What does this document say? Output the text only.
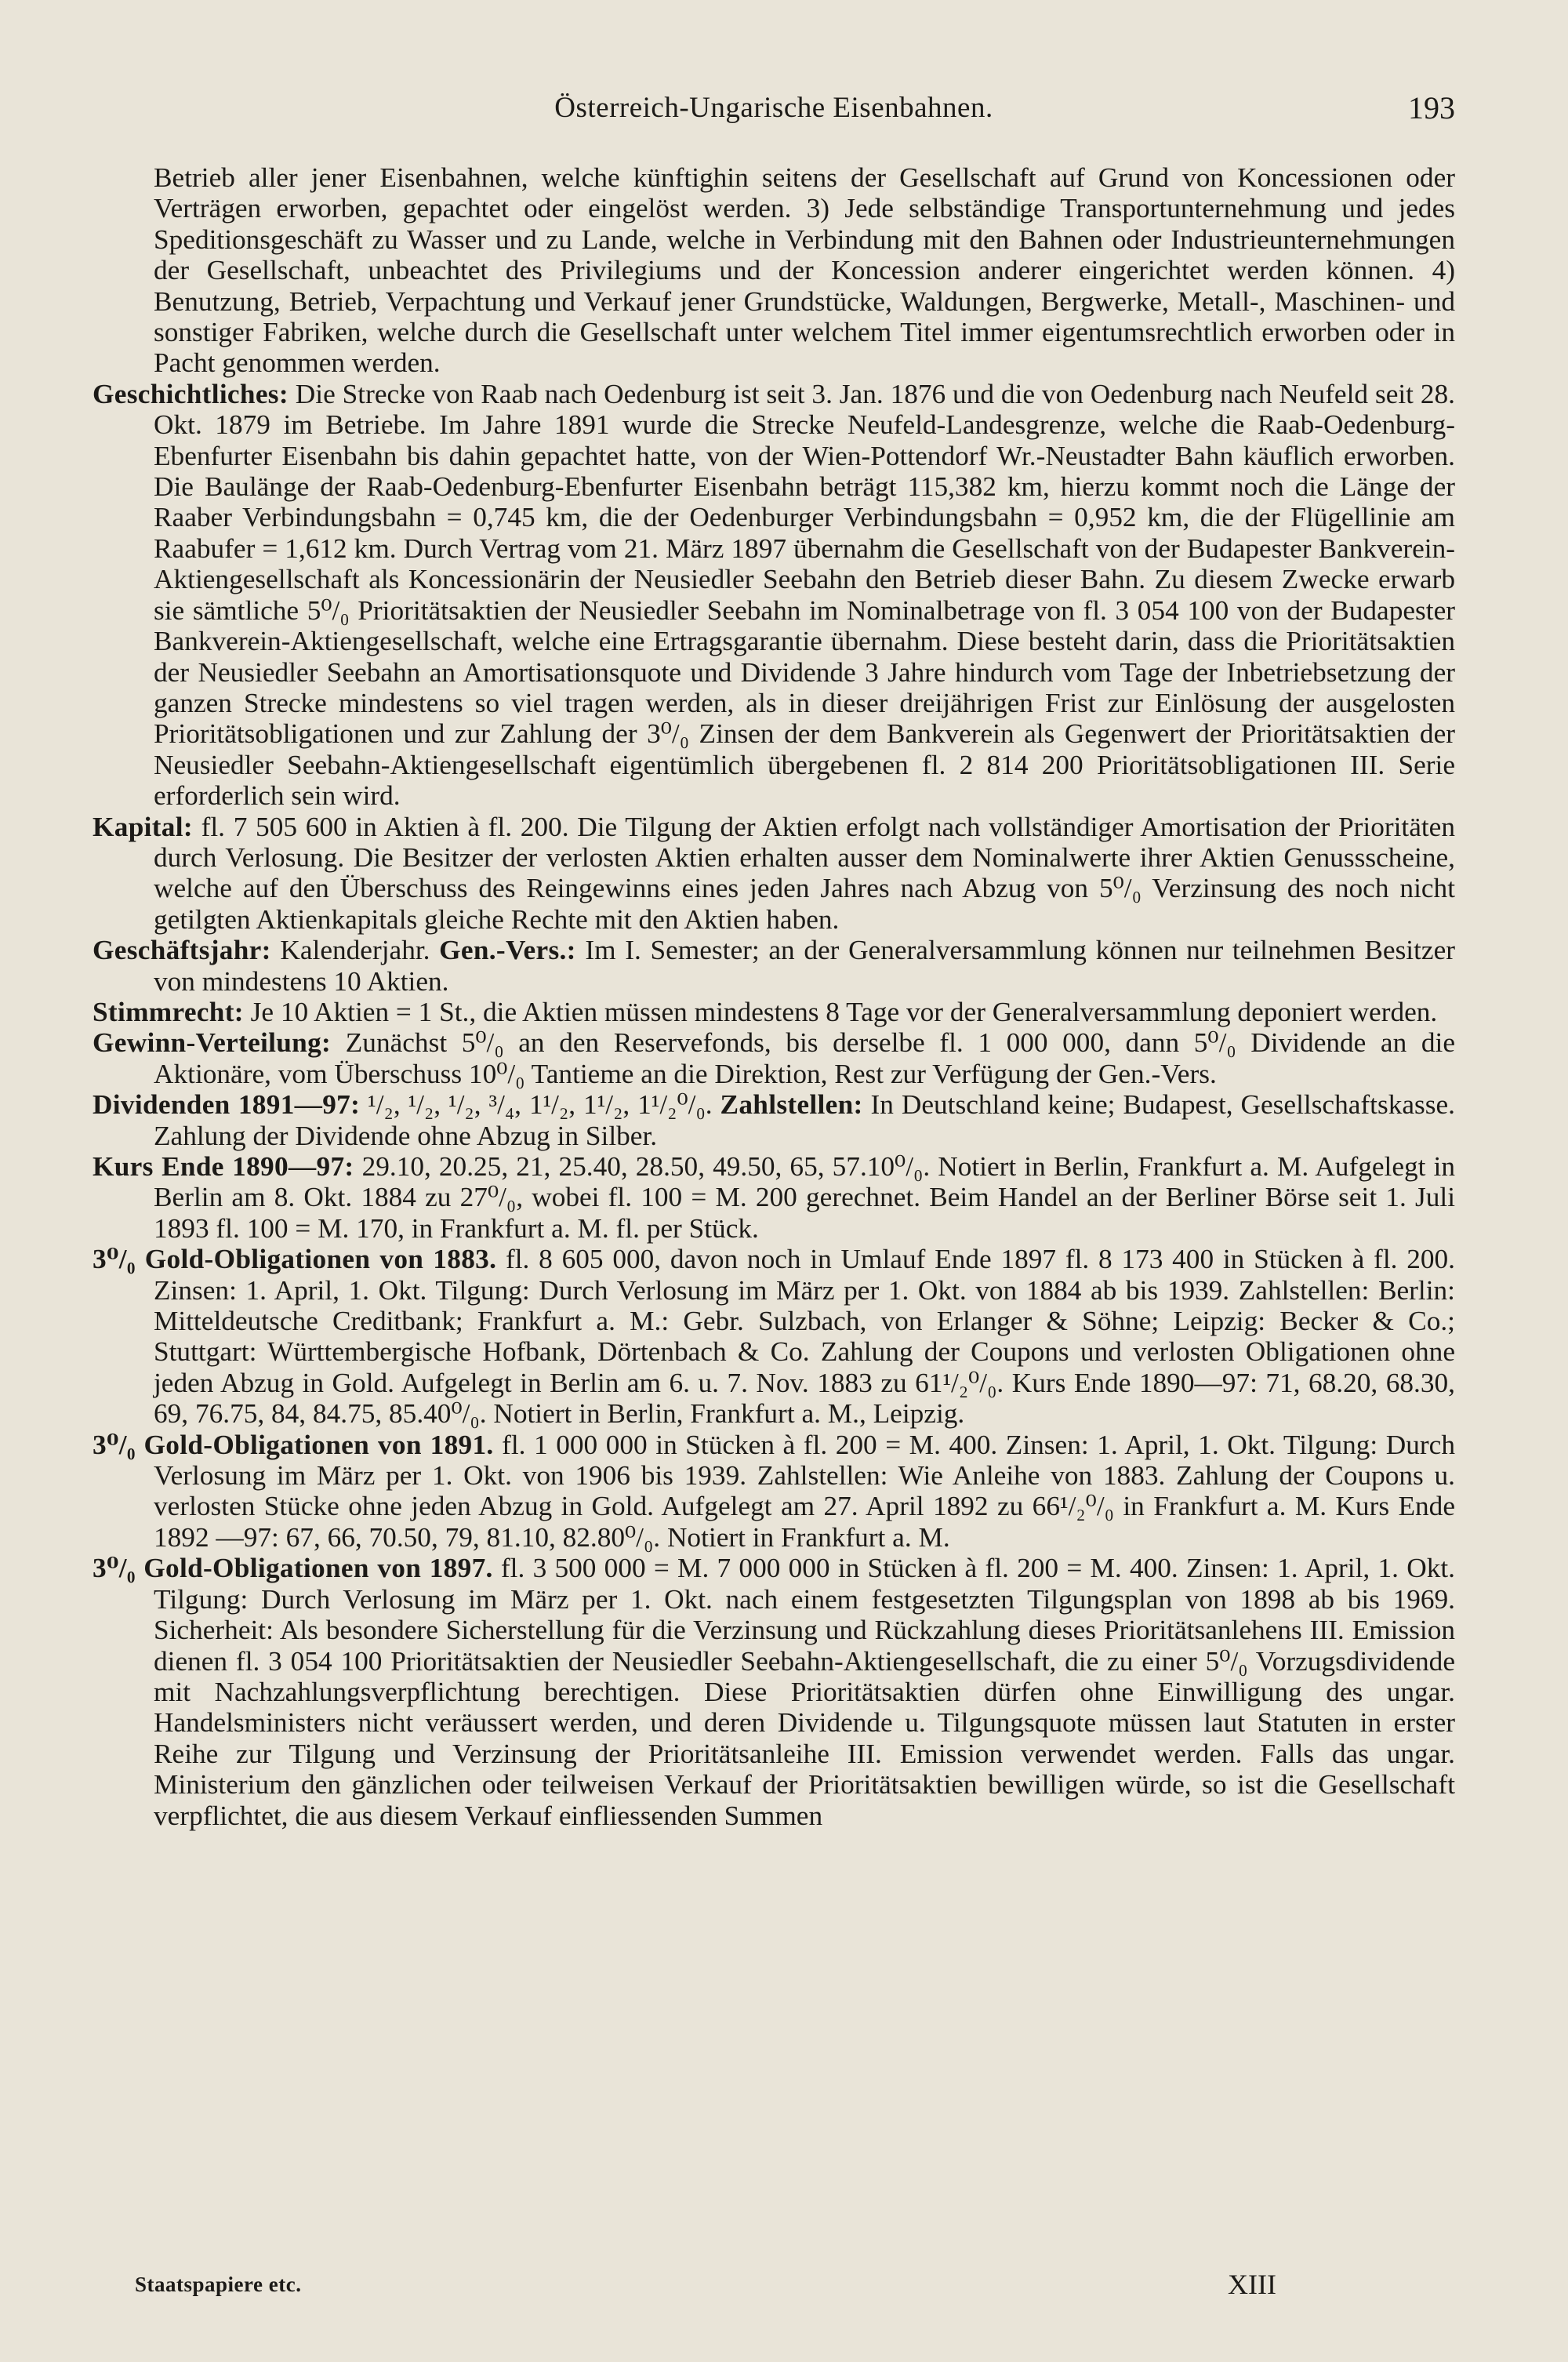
Österreich-Ungarische Eisenbahnen.	193

Betrieb aller jener Eisenbahnen, welche künftighin seitens der Gesellschaft auf Grund von Koncessionen oder Verträgen erworben, gepachtet oder eingelöst werden. 3) Jede selbständige Transportunternehmung und jedes Speditionsgeschäft zu Wasser und zu Lande, welche in Verbindung mit den Bahnen oder Industrieunternehmungen der Gesellschaft, unbeachtet des Privilegiums und der Koncession anderer eingerichtet werden können. 4) Benutzung, Betrieb, Verpachtung und Verkauf jener Grundstücke, Waldungen, Bergwerke, Metall-, Maschinen- und sonstiger Fabriken, welche durch die Gesellschaft unter welchem Titel immer eigentumsrechtlich erworben oder in Pacht genommen werden.

Geschichtliches: Die Strecke von Raab nach Oedenburg ist seit 3. Jan. 1876 und die von Oedenburg nach Neufeld seit 28. Okt. 1879 im Betriebe. Im Jahre 1891 wurde die Strecke Neufeld-Landesgrenze, welche die Raab-Oedenburg-Ebenfurter Eisenbahn bis dahin gepachtet hatte, von der Wien-Pottendorf Wr.-Neustadter Bahn käuflich erworben. Die Baulänge der Raab-Oedenburg-Ebenfurter Eisenbahn beträgt 115,382 km, hierzu kommt noch die Länge der Raaber Verbindungsbahn = 0,745 km, die der Oedenburger Verbindungsbahn = 0,952 km, die der Flügellinie am Raabufer = 1,612 km. Durch Vertrag vom 21. März 1897 übernahm die Gesellschaft von der Budapester Bankverein-Aktiengesellschaft als Koncessionärin der Neusiedler Seebahn den Betrieb dieser Bahn. Zu diesem Zwecke erwarb sie sämtliche 5⁰/₀ Prioritätsaktien der Neusiedler Seebahn im Nominalbetrage von fl. 3 054 100 von der Budapester Bankverein-Aktiengesellschaft, welche eine Ertragsgarantie übernahm. Diese besteht darin, dass die Prioritätsaktien der Neusiedler Seebahn an Amortisationsquote und Dividende 3 Jahre hindurch vom Tage der Inbetriebsetzung der ganzen Strecke mindestens so viel tragen werden, als in dieser dreijährigen Frist zur Einlösung der ausgelosten Prioritätsobligationen und zur Zahlung der 3⁰/₀ Zinsen der dem Bankverein als Gegenwert der Prioritätsaktien der Neusiedler Seebahn-Aktiengesellschaft eigentümlich übergebenen fl. 2 814 200 Prioritätsobligationen III. Serie erforderlich sein wird.

Kapital: fl. 7 505 600 in Aktien à fl. 200. Die Tilgung der Aktien erfolgt nach vollständiger Amortisation der Prioritäten durch Verlosung. Die Besitzer der verlosten Aktien erhalten ausser dem Nominalwerte ihrer Aktien Genussscheine, welche auf den Überschuss des Reingewinns eines jeden Jahres nach Abzug von 5⁰/₀ Verzinsung des noch nicht getilgten Aktienkapitals gleiche Rechte mit den Aktien haben.

Geschäftsjahr: Kalenderjahr. Gen.-Vers.: Im I. Semester; an der Generalversammlung können nur teilnehmen Besitzer von mindestens 10 Aktien.

Stimmrecht: Je 10 Aktien = 1 St., die Aktien müssen mindestens 8 Tage vor der Generalversammlung deponiert werden.

Gewinn-Verteilung: Zunächst 5⁰/₀ an den Reservefonds, bis derselbe fl. 1 000 000, dann 5⁰/₀ Dividende an die Aktionäre, vom Überschuss 10⁰/₀ Tantieme an die Direktion, Rest zur Verfügung der Gen.-Vers.

Dividenden 1891—97: ¹/₂, ¹/₂, ¹/₂, ³/₄, 1¹/₂, 1¹/₂, 1¹/₂⁰/₀. Zahlstellen: In Deutschland keine; Budapest, Gesellschaftskasse. Zahlung der Dividende ohne Abzug in Silber.

Kurs Ende 1890—97: 29.10, 20.25, 21, 25.40, 28.50, 49.50, 65, 57.10⁰/₀. Notiert in Berlin, Frankfurt a. M. Aufgelegt in Berlin am 8. Okt. 1884 zu 27⁰/₀, wobei fl. 100 = M. 200 gerechnet. Beim Handel an der Berliner Börse seit 1. Juli 1893 fl. 100 = M. 170, in Frankfurt a. M. fl. per Stück.

3⁰/₀ Gold-Obligationen von 1883. fl. 8 605 000, davon noch in Umlauf Ende 1897 fl. 8 173 400 in Stücken à fl. 200. Zinsen: 1. April, 1. Okt. Tilgung: Durch Verlosung im März per 1. Okt. von 1884 ab bis 1939. Zahlstellen: Berlin: Mitteldeutsche Creditbank; Frankfurt a. M.: Gebr. Sulzbach, von Erlanger & Söhne; Leipzig: Becker & Co.; Stuttgart: Württembergische Hofbank, Dörtenbach & Co. Zahlung der Coupons und verlosten Obligationen ohne jeden Abzug in Gold. Aufgelegt in Berlin am 6. u. 7. Nov. 1883 zu 61¹/₂⁰/₀. Kurs Ende 1890—97: 71, 68.20, 68.30, 69, 76.75, 84, 84.75, 85.40⁰/₀. Notiert in Berlin, Frankfurt a. M., Leipzig.

3⁰/₀ Gold-Obligationen von 1891. fl. 1 000 000 in Stücken à fl. 200 = M. 400. Zinsen: 1. April, 1. Okt. Tilgung: Durch Verlosung im März per 1. Okt. von 1906 bis 1939. Zahlstellen: Wie Anleihe von 1883. Zahlung der Coupons u. verlosten Stücke ohne jeden Abzug in Gold. Aufgelegt am 27. April 1892 zu 66¹/₂⁰/₀ in Frankfurt a. M. Kurs Ende 1892 —97: 67, 66, 70.50, 79, 81.10, 82.80⁰/₀. Notiert in Frankfurt a. M.

3⁰/₀ Gold-Obligationen von 1897. fl. 3 500 000 = M. 7 000 000 in Stücken à fl. 200 = M. 400. Zinsen: 1. April, 1. Okt. Tilgung: Durch Verlosung im März per 1. Okt. nach einem festgesetzten Tilgungsplan von 1898 ab bis 1969. Sicherheit: Als besondere Sicherstellung für die Verzinsung und Rückzahlung dieses Prioritätsanlehens III. Emission dienen fl. 3 054 100 Prioritätsaktien der Neusiedler Seebahn-Aktiengesellschaft, die zu einer 5⁰/₀ Vorzugsdividende mit Nachzahlungsverpflichtung berechtigen. Diese Prioritätsaktien dürfen ohne Einwilligung des ungar. Handelsministers nicht veräussert werden, und deren Dividende u. Tilgungsquote müssen laut Statuten in erster Reihe zur Tilgung und Verzinsung der Prioritätsanleihe III. Emission verwendet werden. Falls das ungar. Ministerium den gänzlichen oder teilweisen Verkauf der Prioritätsaktien bewilligen würde, so ist die Gesellschaft verpflichtet, die aus diesem Verkauf einfliessenden Summen

Staatspapiere etc.	XIII
